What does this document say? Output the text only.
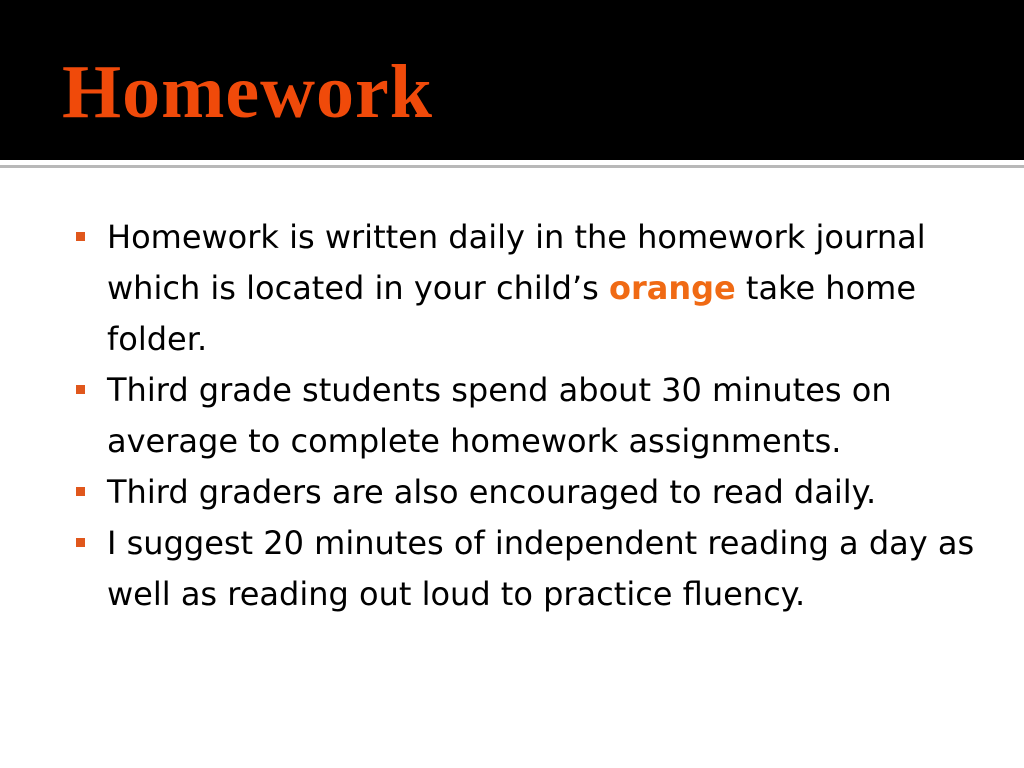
Homework
Homework is written daily in the homework journal which is located in your child’s orange take home folder.
Third grade students spend about 30 minutes on average to complete homework assignments.
Third graders are also encouraged to read daily.
I suggest 20 minutes of independent reading a day as well as reading out loud to practice fluency.
